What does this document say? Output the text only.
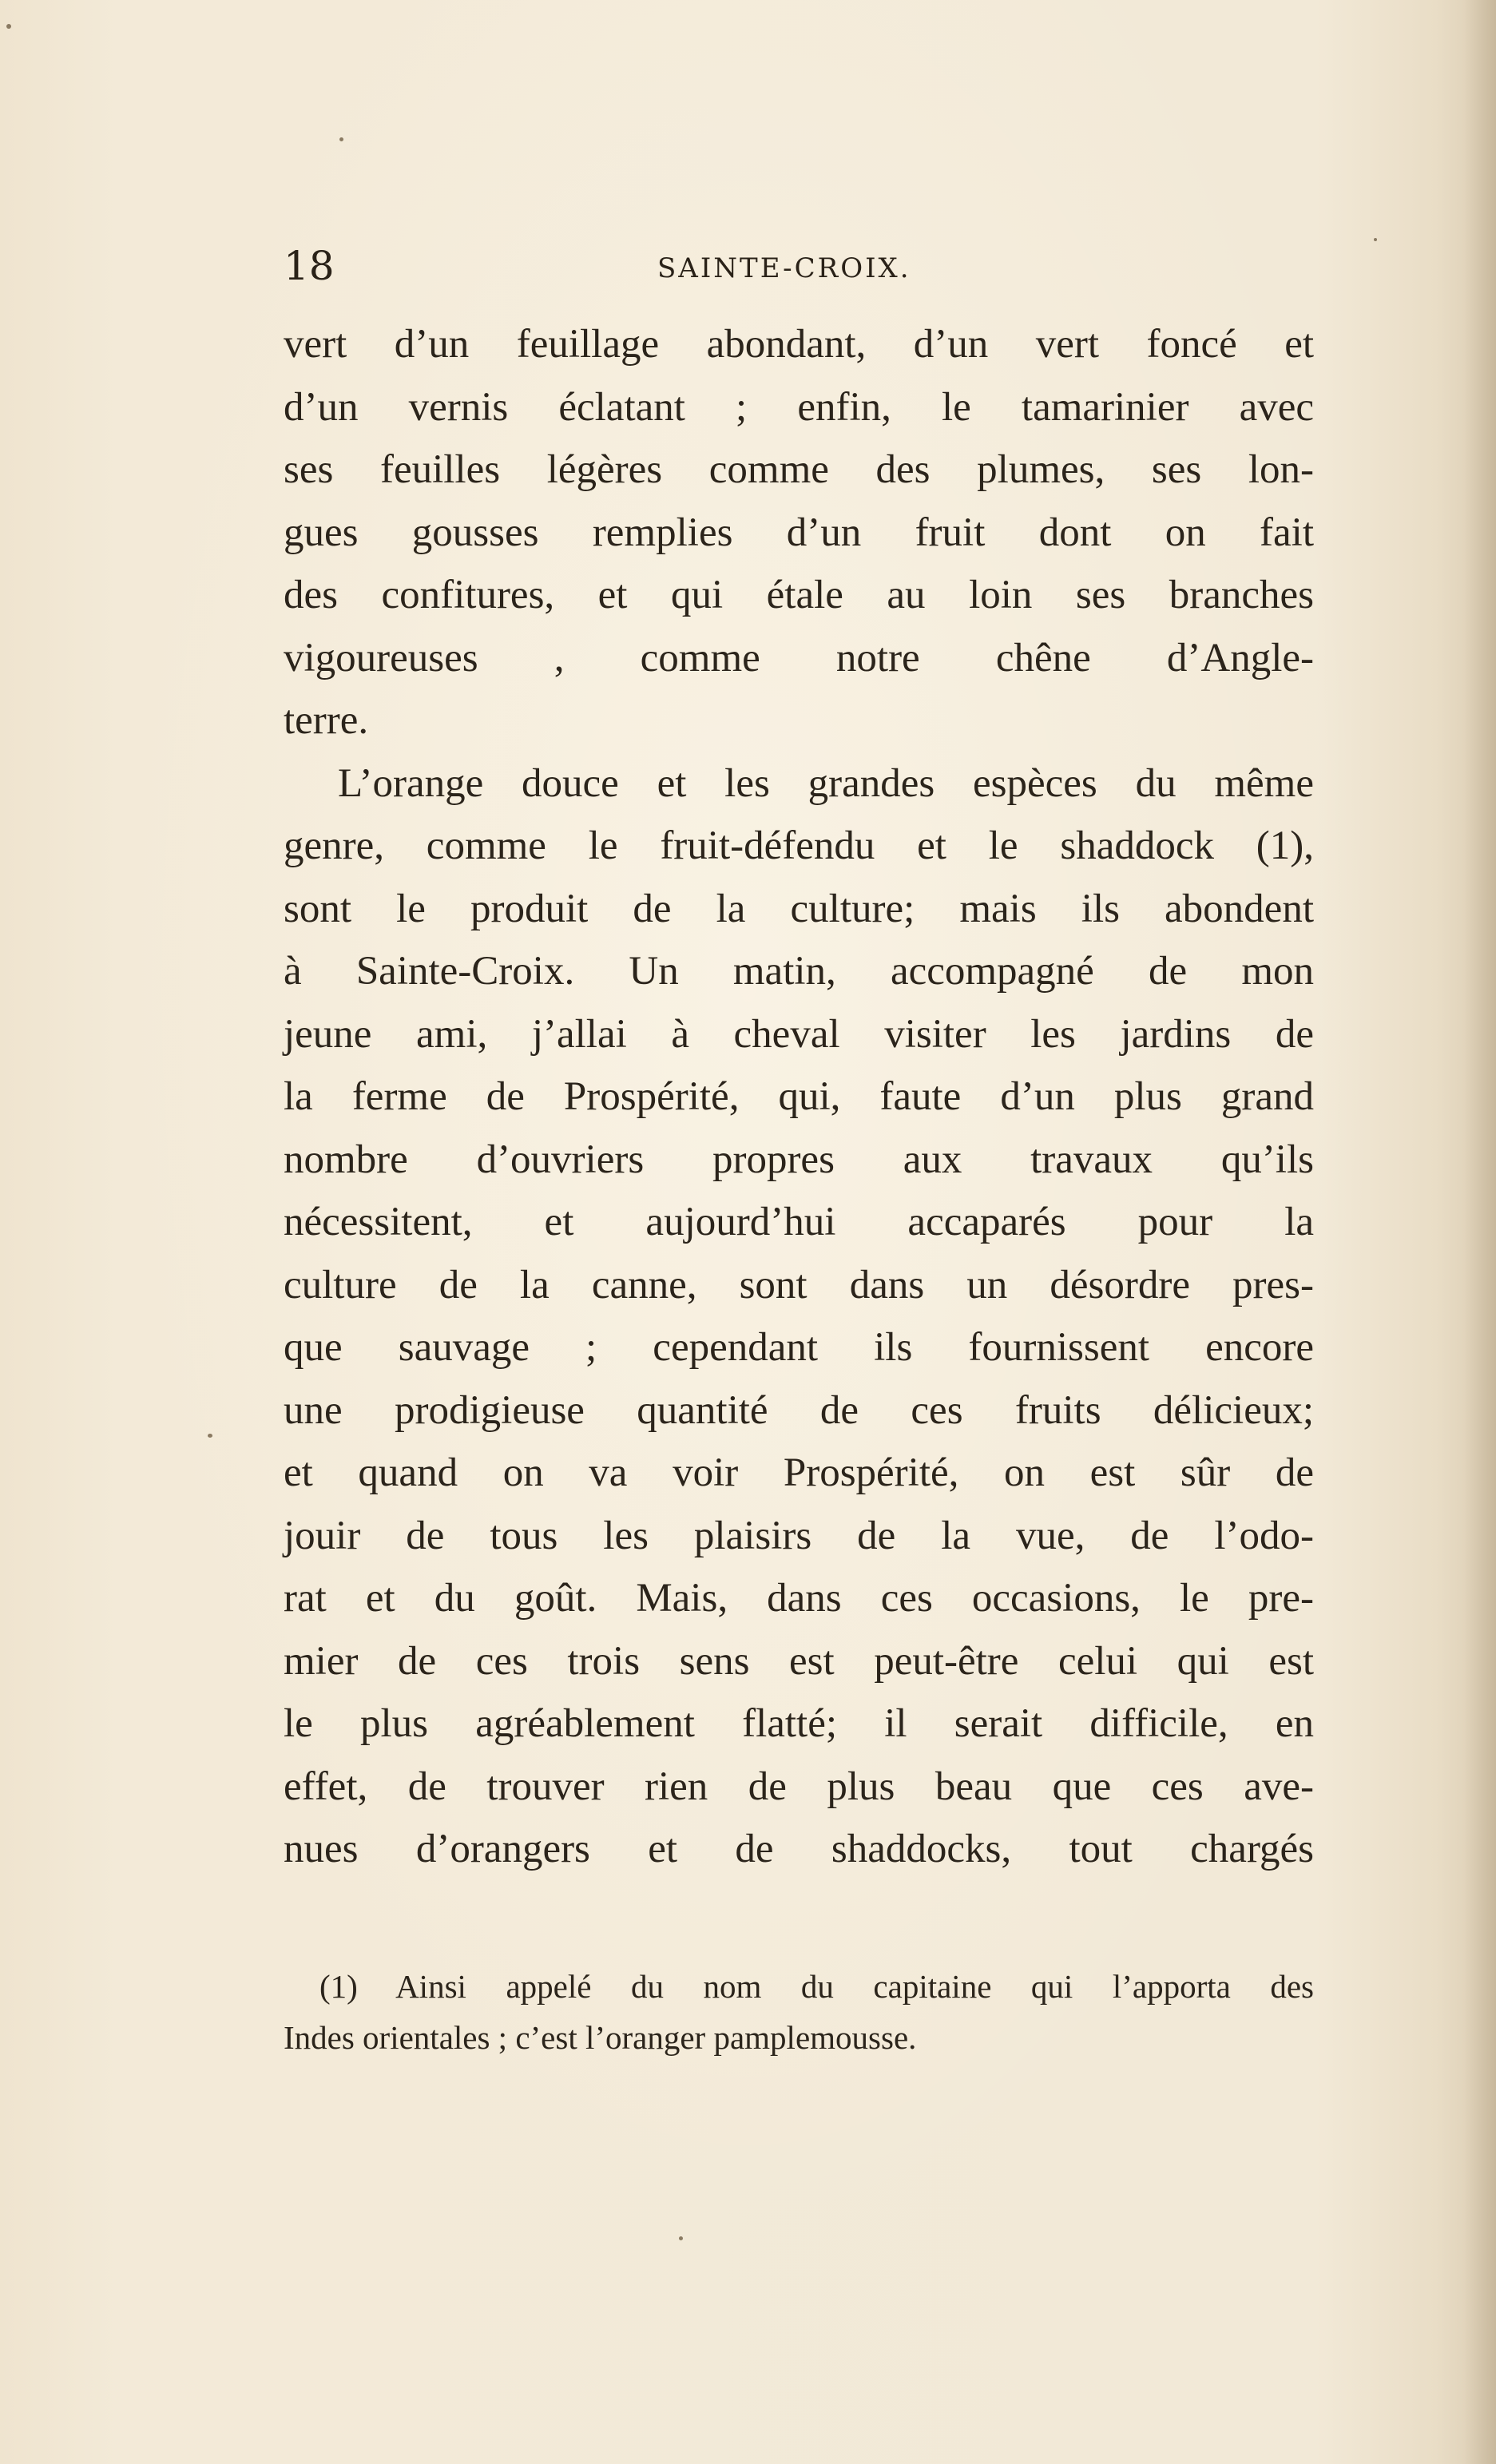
18	SAINTE-CROIX.
vert d’un feuillage abondant, d’un vert foncé et
d’un vernis éclatant ; enfin, le tamarinier avec
ses feuilles légères comme des plumes, ses lon-
gues gousses remplies d’un fruit dont on fait
des confitures, et qui étale au loin ses branches
vigoureuses , comme notre chêne d’Angle-
terre.
L’orange douce et les grandes espèces du même
genre, comme le fruit-défendu et le shaddock (1),
sont le produit de la culture; mais ils abondent
à Sainte-Croix. Un matin, accompagné de mon
jeune ami, j’allai à cheval visiter les jardins de
la ferme de Prospérité, qui, faute d’un plus grand
nombre d’ouvriers propres aux travaux qu’ils
nécessitent, et aujourd’hui accaparés pour la
culture de la canne, sont dans un désordre pres-
que sauvage ; cependant ils fournissent encore
une prodigieuse quantité de ces fruits délicieux;
et quand on va voir Prospérité, on est sûr de
jouir de tous les plaisirs de la vue, de l’odo-
rat et du goût. Mais, dans ces occasions, le pre-
mier de ces trois sens est peut-être celui qui est
le plus agréablement flatté; il serait difficile, en
effet, de trouver rien de plus beau que ces ave-
nues d’orangers et de shaddocks, tout chargés
(1) Ainsi appelé du nom du capitaine qui l’apporta des
Indes orientales ; c’est l’oranger pamplemousse.
